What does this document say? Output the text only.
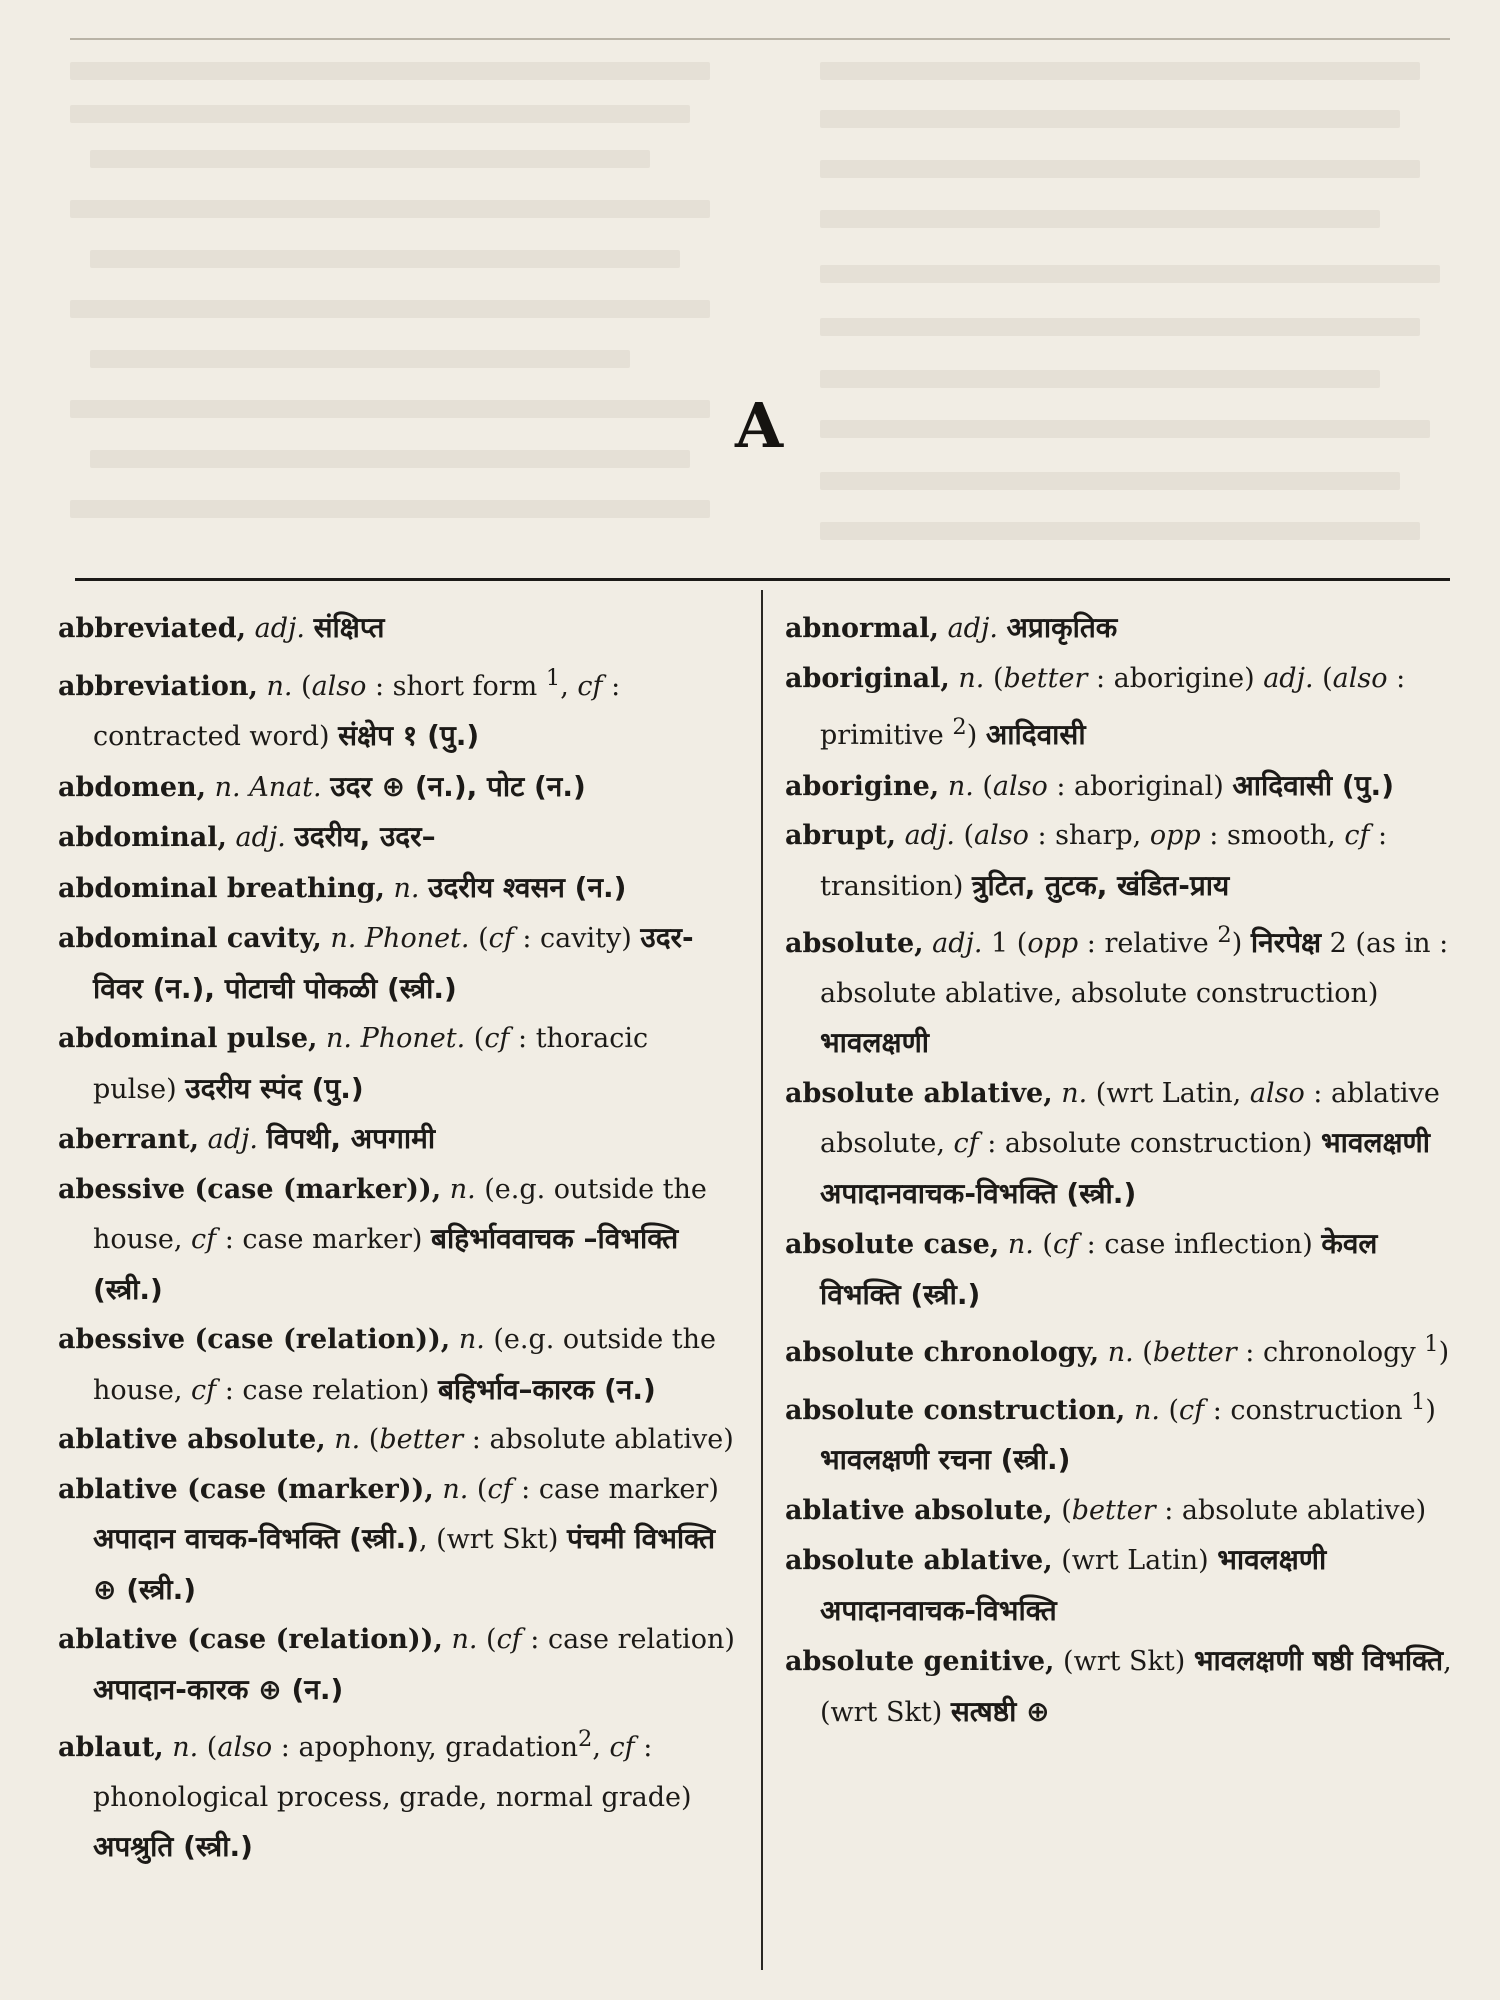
A
abbreviated, adj. संक्षिप्त
abbreviation, n. (also : short form $^1$, cf : contracted word) संक्षेप १ (पु.)
abdomen, n. Anat. उदर ⊕ (न.), पोट (न.)
abdominal, adj. उदरीय, उदर–
abdominal breathing, n. उदरीय श्वसन (न.)
abdominal cavity, n. Phonet. (cf : cavity) उदर-विवर (न.), पोटाची पोकळी (स्त्री.)
abdominal pulse, n. Phonet. (cf : thoracic pulse) उदरीय स्पंद (पु.)
aberrant, adj. विपथी, अपगामी
abessive (case (marker)), n. (e.g. outside the house, cf : case marker) बहिर्भाववाचक –विभक्ति (स्त्री.)
abessive (case (relation)), n. (e.g. outside the house, cf : case relation) बहिर्भाव–कारक (न.)
ablative absolute, n. (better : absolute ablative)
ablative (case (marker)), n. (cf : case marker) अपादान वाचक-विभक्ति (स्त्री.), (wrt Skt) पंचमी विभक्ति ⊕ (स्त्री.)
ablative (case (relation)), n. (cf : case relation) अपादान-कारक ⊕ (न.)
ablaut, n. (also : apophony, gradation$^2$, cf : phonological process, grade, normal grade) अपश्रुति (स्त्री.)
abnormal, adj. अप्राकृतिक
aboriginal, n. (better : aborigine) adj. (also : primitive $^2$) आदिवासी
aborigine, n. (also : aboriginal) आदिवासी (पु.)
abrupt, adj. (also : sharp, opp : smooth, cf : transition) त्रुटित, तुटक, खंडित-प्राय
absolute, adj. 1 (opp : relative $^2$) निरपेक्ष 2 (as in : absolute ablative, absolute construction) भावलक्षणी
absolute ablative, n. (wrt Latin, also : ablative absolute, cf : absolute construction) भावलक्षणी अपादानवाचक-विभक्ति (स्त्री.)
absolute case, n. (cf : case inflection) केवल विभक्ति (स्त्री.)
absolute chronology, n. (better : chronology $^1$)
absolute construction, n. (cf : construction $^1$) भावलक्षणी रचना (स्त्री.)
ablative absolute, (better : absolute ablative)
absolute ablative, (wrt Latin) भावलक्षणी अपादानवाचक-विभक्ति
absolute genitive, (wrt Skt) भावलक्षणी षष्ठी विभक्ति, (wrt Skt) सत्षष्ठी ⊕
